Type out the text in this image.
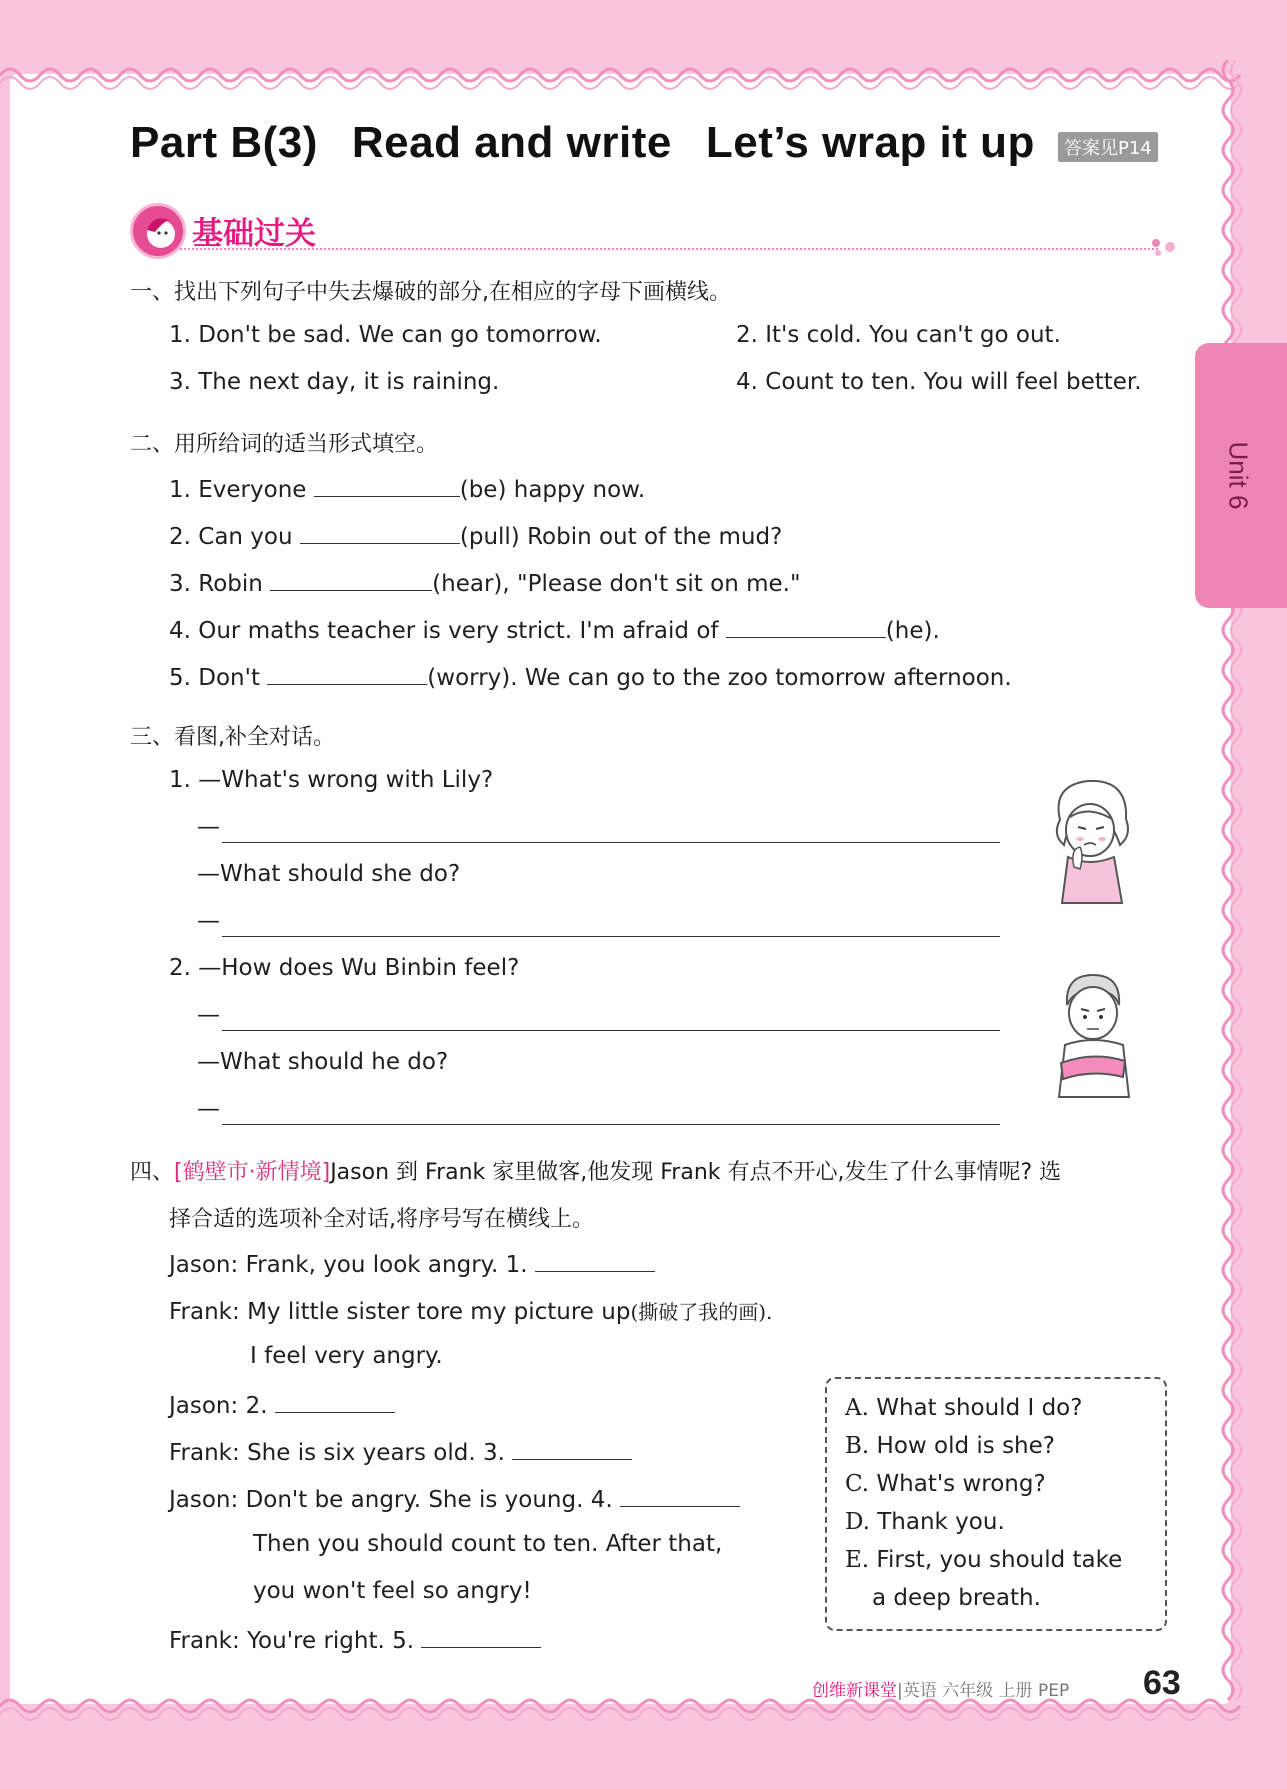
Unit 6
Part B(3) Read and write Let’s wrap it up	答案见P14
基础过关
一、找出下列句子中失去爆破的部分,在相应的字母下画横线。
1. Don't be sad. We can go tomorrow.	2. It's cold. You can't go out.
3. The next day, it is raining.	4. Count to ten. You will feel better.
二、用所给词的适当形式填空。
1. Everyone	(be) happy now.
2. Can you	(pull) Robin out of the mud?
3. Robin	(hear), "Please don't sit on me."
4. Our maths teacher is very strict. I'm afraid of	(he).
5. Don't	(worry). We can go to the zoo tomorrow afternoon.
三、看图,补全对话。
1. —What's wrong with Lily?
—
—What should she do?
—
2. —How does Wu Binbin feel?
—
—What should he do?
—
四、[鹤壁市·新情境]Jason 到 Frank 家里做客,他发现 Frank 有点不开心,发生了什么事情呢? 选
择合适的选项补全对话,将序号写在横线上。
Jason: Frank, you look angry. 1.
Frank: My little sister tore my picture up(撕破了我的画).
I feel very angry.
Jason: 2.
Frank: She is six years old. 3.
Jason: Don't be angry. She is young. 4.
Then you should count to ten. After that,
you won't feel so angry!
Frank: You're right. 5.
A. What should I do?
B. How old is she?
C. What's wrong?
D. Thank you.
E. First, you should take
a deep breath.
创维新课堂|英语 六年级 上册 PEP 63
